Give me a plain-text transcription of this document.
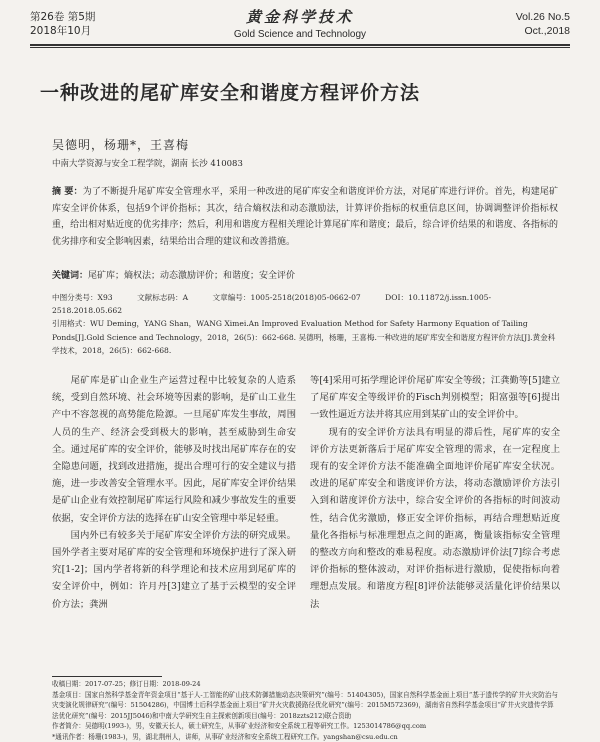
第26卷 第5期
2018年10月
黄金科学技术
Gold Science and Technology
Vol.26 No.5
Oct.,2018
一种改进的尾矿库安全和谐度方程评价方法
吴德明，杨珊*，王喜梅
中南大学资源与安全工程学院，湖南 长沙 410083
摘 要：为了不断提升尾矿库安全管理水平，采用一种改进的尾矿库安全和谐度评价方法，对尾矿库进行评价。首先，构建尾矿库安全评价体系，包括9个评价指标；其次，结合熵权法和动态激励法，计算评价指标的权重信息区间，协调调整评价指标权重，给出相对贴近度的优劣排序；然后，利用和谐度方程相关理论计算尾矿库和谐度；最后，综合评价结果的和谐度、各指标的优劣排序和安全影响因素，结果给出合理的建议和改善措施。
关键词：尾矿库；熵权法；动态激励评价；和谐度；安全评价
中图分类号：X93	文献标志码：A	文章编号：1005-2518(2018)05-0662-07	DOI：10.11872/j.issn.1005-2518.2018.05.662
引用格式：WU Deming，YANG Shan，WANG Ximei.An Improved Evaluation Method for Safety Harmony Equation of Tailing Ponds[J].Gold Science and Technology，2018，26(5)：662-668. 吴德明，杨珊，王喜梅.一种改进的尾矿库安全和谐度方程评价方法[J].黄金科学技术，2018，26(5)：662-668.

尾矿库是矿山企业生产运营过程中比较复杂的人造系统，受到自然环境、社会环境等因素的影响，是矿山工业生产中不容忽视的高势能危险源。一旦尾矿库发生事故，周围人员的生产、经济会受到极大的影响，甚至威胁到生命安全。通过尾矿库的安全评价，能够及时找出尾矿库存在的安全隐患问题，找到改进措施，提出合理可行的安全建议与措施，进一步改善安全管理水平。因此，尾矿库安全评价结果是矿山企业有效控制尾矿库运行风险和减少事故发生的重要依据，安全评价方法的选择在矿山安全管理中举足轻重。

国内外已有较多关于尾矿库安全评价方法的研究成果。国外学者主要对尾矿库的安全管理和环境保护进行了深入研究[1-2]；国内学者将新的科学理论和技术应用到尾矿库的安全评价中，例如：许月丹[3]建立了基于云模型的安全评价方法；龚洲

等[4]采用可拓学理论评价尾矿库安全等级；江龚勤等[5]建立了尾矿库安全等级评价的Fisch判别模型；阳富强等[6]提出一致性逼近方法并将其应用到某矿山的安全评价中。

现有的安全评价方法具有明显的滞后性，尾矿库的安全评价方法更新落后于尾矿库安全管理的需求，在一定程度上现有的安全评价方法不能准确全面地评价尾矿库安全状况。改进的尾矿库安全和谐度评价方法，将动态激励评价方法引入到和谐度评价方法中，综合安全评价的各指标的时间波动性，结合优劣激励，修正安全评价指标，再结合理想贴近度量化各指标与标准理想点之间的距离，衡量该指标安全管理的整改方向和整改的难易程度。动态激励评价法[7]综合考虑评价指标的整体波动，对评价指标进行激励，促使指标向着理想点发展。和谐度方程[8]评价法能够灵活量化评价结果以法

收稿日期：2017-07-25；修订日期：2018-09-24

基金项目：国家自然科学基金青年资金项目“基于人-工智能的矿山技术防御措施动态决策研究”(编号：51404305)，国家自然科学基金面上项目“基于遗传学的矿井火灾防治与灾变演化规律研究”(编号：51504286)，中国博士后科学基金面上项目“矿井火灾救援路径优化研究”(编号：2015M572369)，湖南省自然科学基金项目“矿井火灾遗传学算法优化研究”(编号：2015JJ5046)和中南大学研究生自主探索创新项目(编号：2018zzts212)联合资助

作者简介：吴德明(1993-)，男，安徽天长人，硕士研究生，从事矿业经济和安全系统工程等研究工作。1253014786@qq.com

*通讯作者：杨珊(1983-)，男，湖北荆州人，讲师，从事矿业经济和安全系统工程研究工作。yangshan@csu.edu.cn
